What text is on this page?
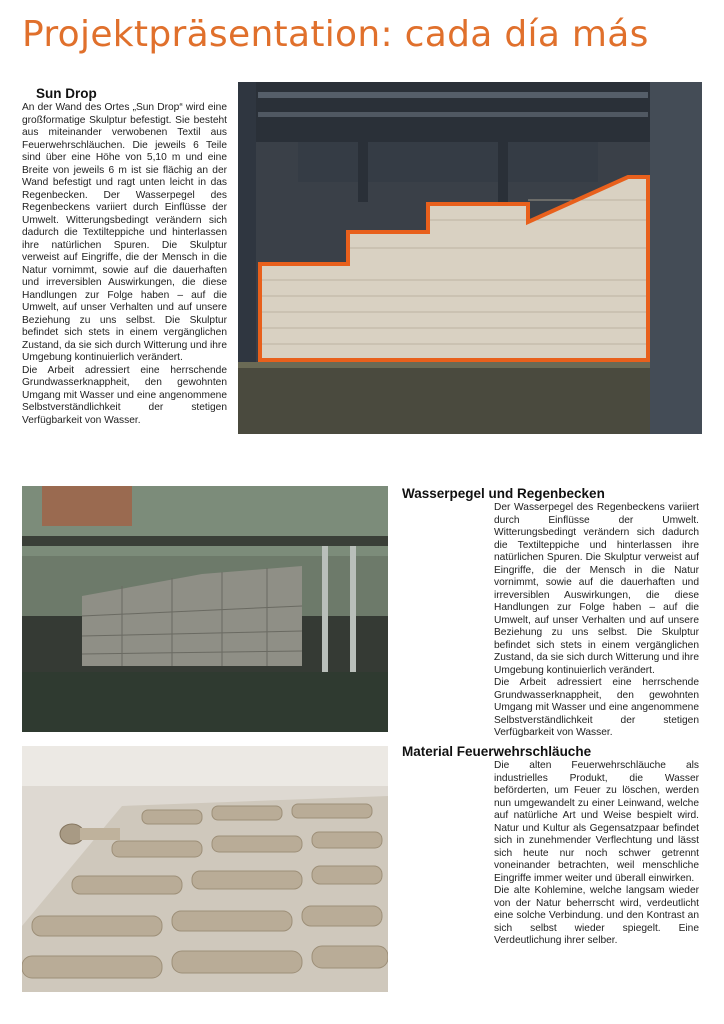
Projektpräsentation: cada día más
Sun Drop

An der Wand des Ortes „Sun Drop“ wird eine großformatige Skulptur befestigt. Sie besteht aus miteinander verwobenen Textil aus Feuerwehrschläuchen. Die jeweils 6 Teile sind über eine Höhe von 5,10 m und eine Breite von jeweils 6 m ist sie flächig an der Wand befestigt und ragt unten leicht in das Regenbecken. Der Wasserpegel des Regenbeckens variiert durch Einflüsse der Umwelt. Witterungsbedingt verändern sich dadurch die Textilteppiche und hinterlassen ihre natürlichen Spuren. Die Skulptur verweist auf Eingriffe, die der Mensch in die Natur vornimmt, sowie auf die dauerhaften und irreversiblen Auswirkungen, die diese Handlungen zur Folge haben – auf die Umwelt, auf unser Verhalten und auf unsere Beziehung zu uns selbst. Die Skulptur befindet sich stets in einem vergänglichen Zustand, da sie sich durch Witterung und ihre Umgebung kontinuierlich verändert.

Die Arbeit adressiert eine herrschende Grundwasserknappheit, den gewohnten Umgang mit Wasser und eine angenommene Selbstverständlichkeit der stetigen Verfügbarkeit von Wasser.

Wasserpegel und Regenbecken

Der Wasserpegel des Regenbeckens variiert durch Einflüsse der Umwelt. Witterungsbedingt verändern sich dadurch die Textilteppiche und hinterlassen ihre natürlichen Spuren. Die Skulptur verweist auf Eingriffe, die der Mensch in die Natur vornimmt, sowie auf die dauerhaften und irreversiblen Auswirkungen, die diese Handlungen zur Folge haben – auf die Umwelt, auf unser Verhalten und auf unsere Beziehung zu uns selbst. Die Skulptur befindet sich stets in einem vergänglichen Zustand, da sie sich durch Witterung und ihre Umgebung kontinuierlich verändert.

Die Arbeit adressiert eine herrschende Grundwasserknappheit, den gewohnten Umgang mit Wasser und eine angenommene Selbstverständlichkeit der stetigen Verfügbarkeit von Wasser.

Material Feuerwehrschläuche

Die alten Feuerwehrschläuche als industrielles Produkt, die Wasser beförderten, um Feuer zu löschen, werden nun umgewandelt zu einer Leinwand, welche auf natürliche Art und Weise bespielt wird. Natur und Kultur als Gegensatzpaar befindet sich in zunehmender Verflechtung und lässt sich heute nur noch schwer getrennt voneinander betrachten, weil menschliche Eingriffe immer weiter und überall einwirken.

Die alte Kohlemine, welche langsam wieder von der Natur beherrscht wird, verdeutlicht eine solche Verbindung. und den Kontrast an sich selbst wieder spiegelt. Eine Verdeutlichung ihrer selber.
